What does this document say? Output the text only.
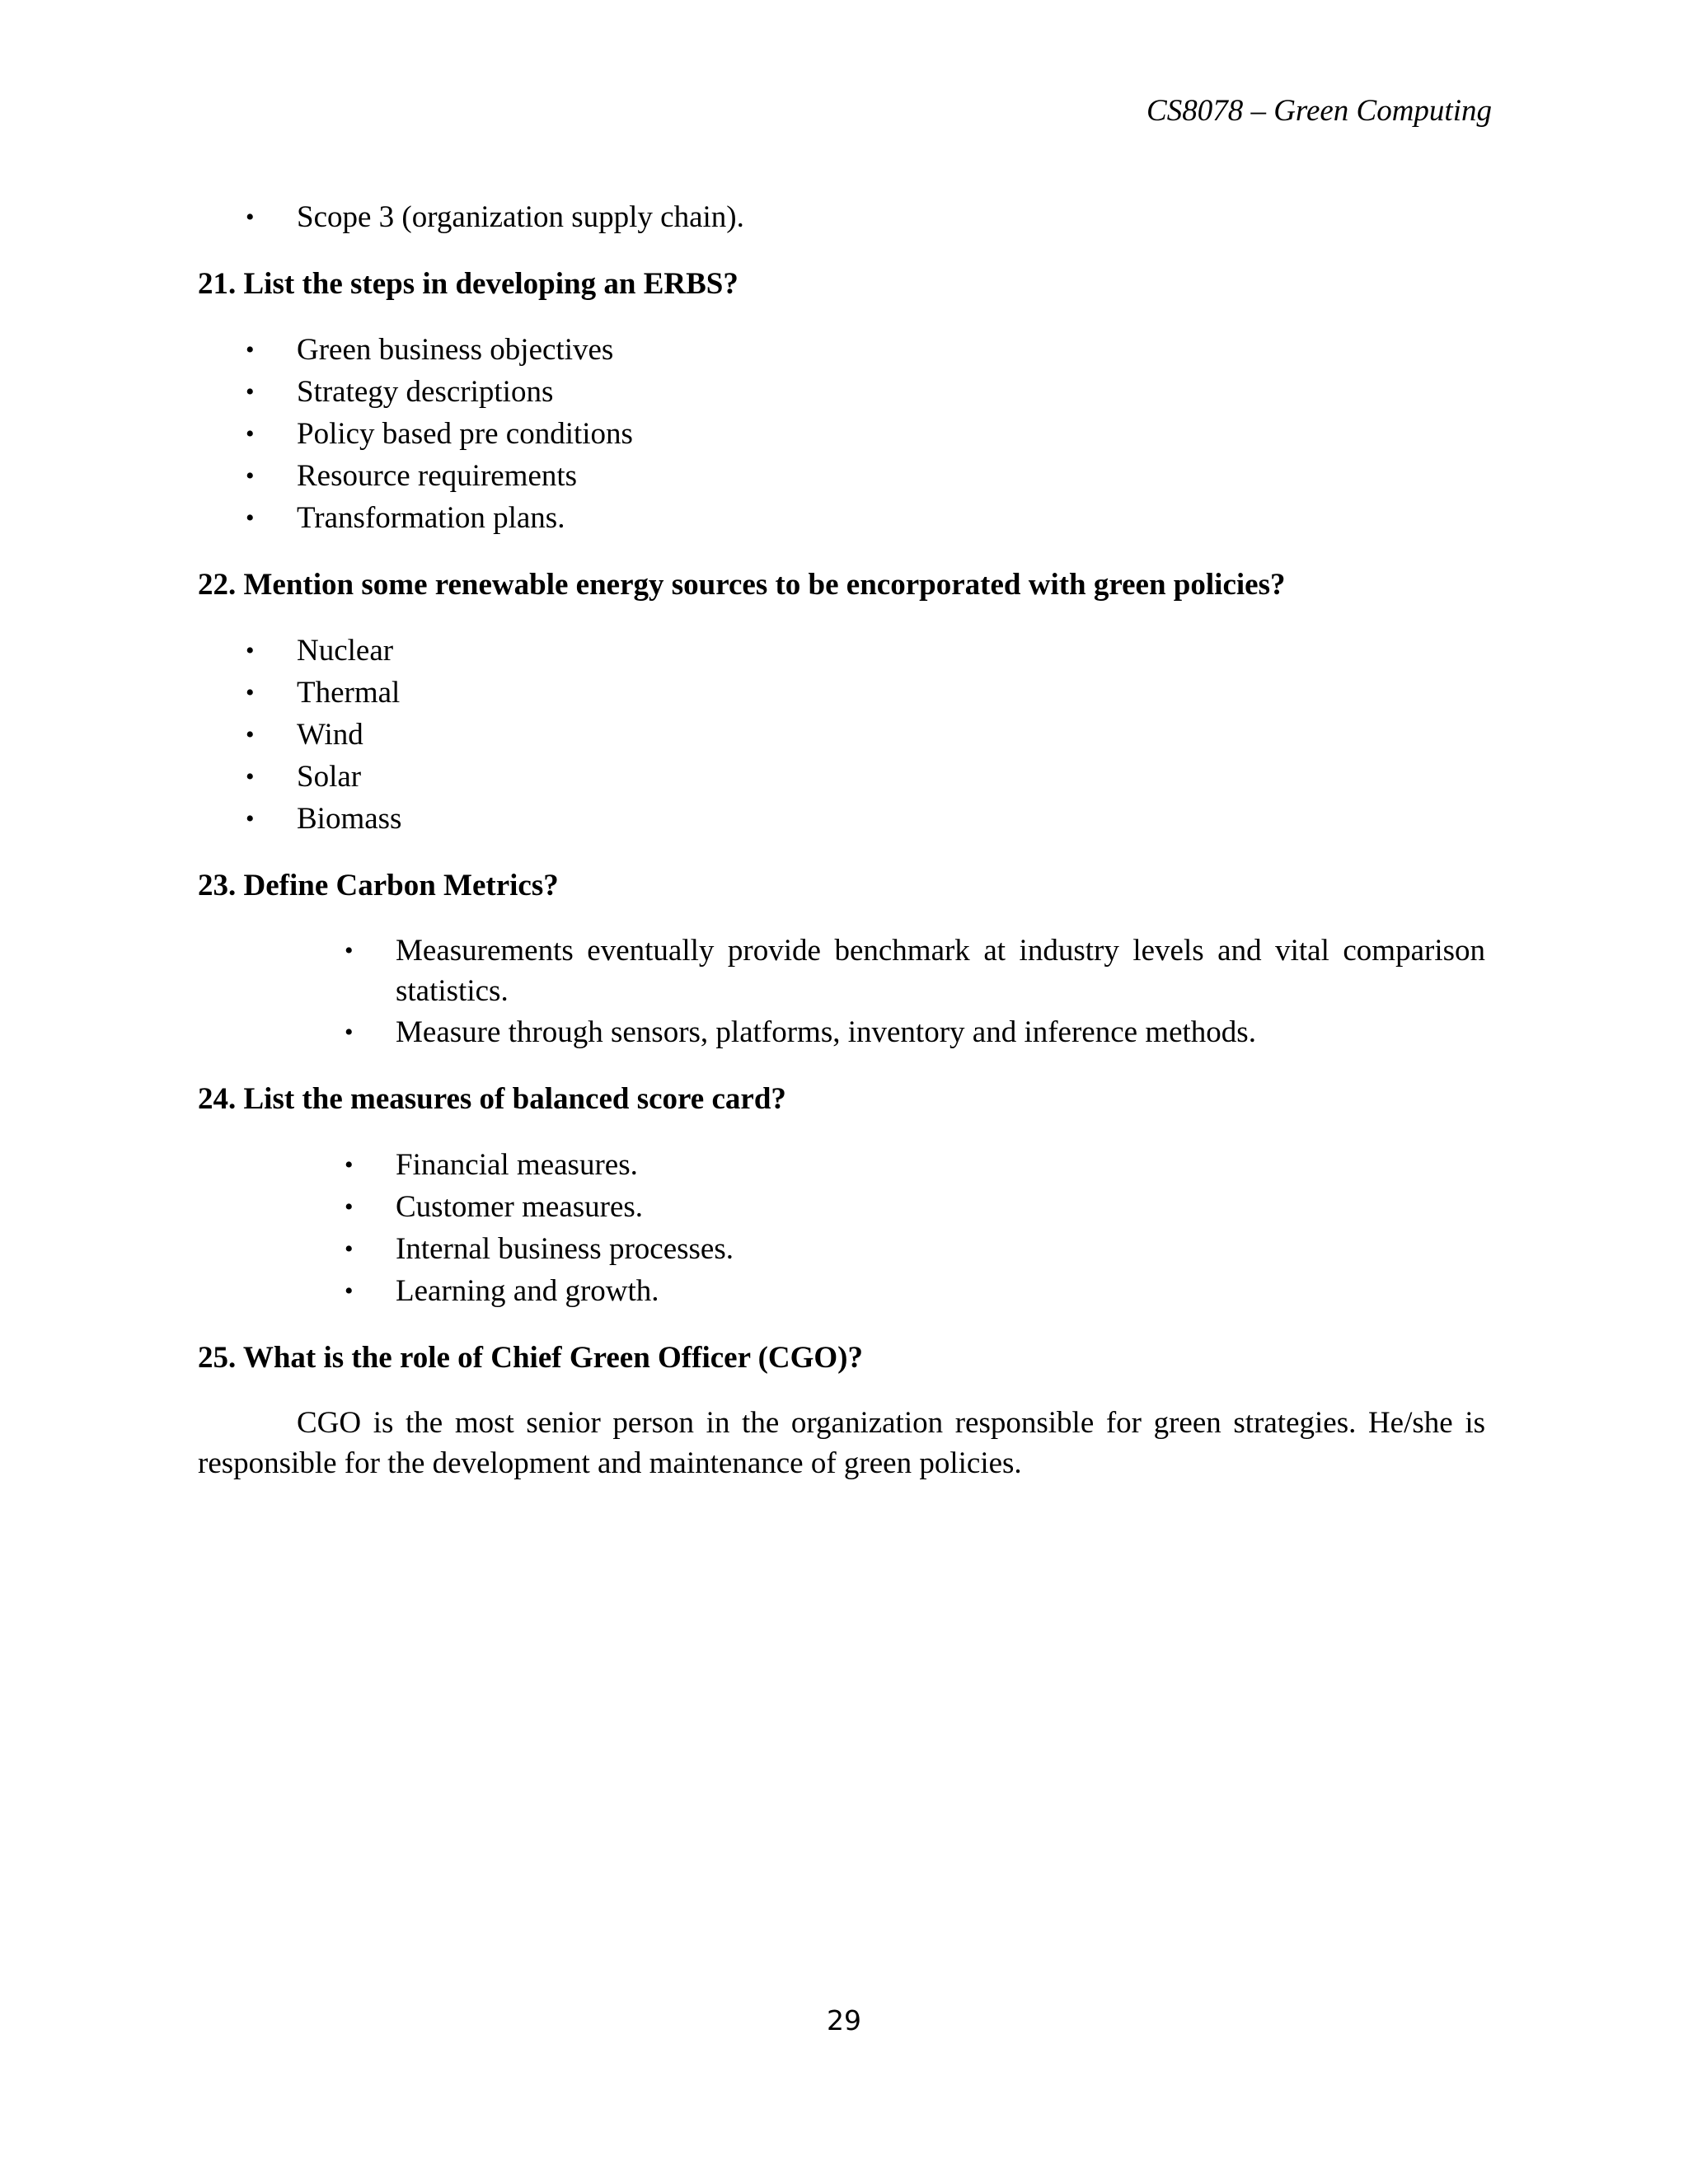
CS8078 – Green Computing
• Scope 3 (organization supply chain).
21. List the steps in developing an ERBS?
• Green business objectives
• Strategy descriptions
• Policy based pre conditions
• Resource requirements
• Transformation plans.
22. Mention some renewable energy sources to be encorporated with green policies?
• Nuclear
• Thermal
• Wind
• Solar
• Biomass
23. Define Carbon Metrics?
• Measurements eventually provide benchmark at industry levels and vital comparison statistics.
• Measure through sensors, platforms, inventory and inference methods.
24. List the measures of balanced score card?
• Financial measures.
• Customer measures.
• Internal business processes.
• Learning and growth.
25. What is the role of Chief Green Officer (CGO)?

CGO is the most senior person in the organization responsible for green strategies. He/she is responsible for the development and maintenance of green policies.

29
